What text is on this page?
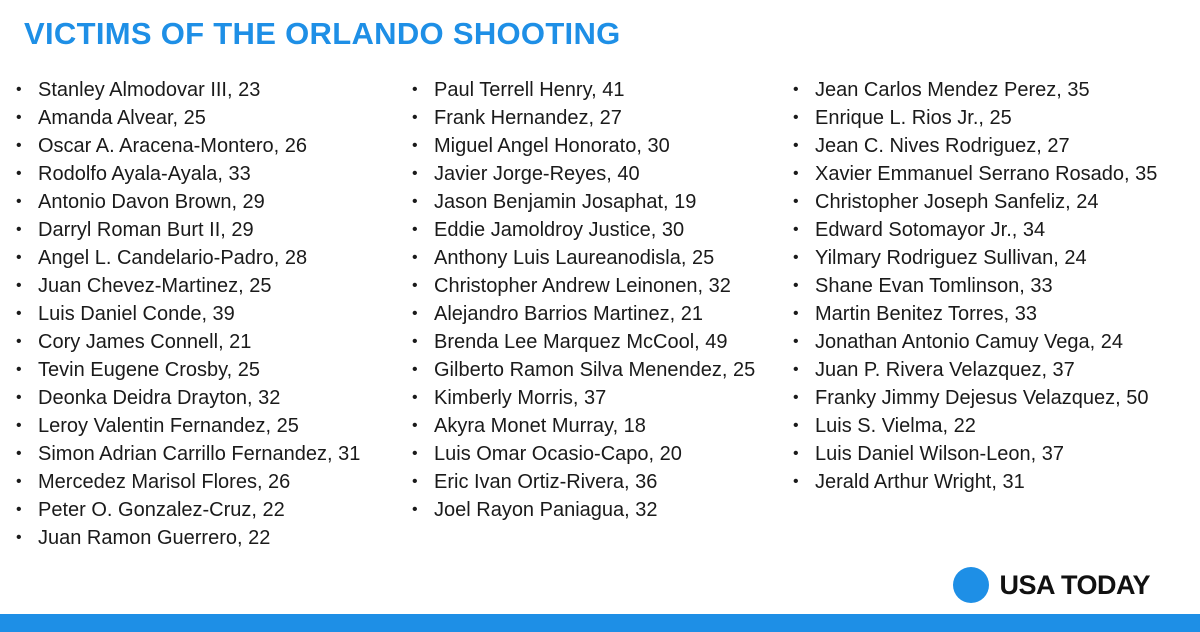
VICTIMS OF THE ORLANDO SHOOTING
• Stanley Almodovar III, 23
• Amanda Alvear, 25
• Oscar A. Aracena-Montero, 26
• Rodolfo Ayala-Ayala, 33
• Antonio Davon Brown, 29
• Darryl Roman Burt II, 29
• Angel L. Candelario-Padro, 28
• Juan Chevez-Martinez, 25
• Luis Daniel Conde, 39
• Cory James Connell, 21
• Tevin Eugene Crosby, 25
• Deonka Deidra Drayton, 32
• Leroy Valentin Fernandez, 25
• Simon Adrian Carrillo Fernandez, 31
• Mercedez Marisol Flores, 26
• Peter O. Gonzalez-Cruz, 22
• Juan Ramon Guerrero, 22
• Paul Terrell Henry, 41
• Frank Hernandez, 27
• Miguel Angel Honorato, 30
• Javier Jorge-Reyes, 40
• Jason Benjamin Josaphat, 19
• Eddie Jamoldroy Justice, 30
• Anthony Luis Laureanodisla, 25
• Christopher Andrew Leinonen, 32
• Alejandro Barrios Martinez, 21
• Brenda Lee Marquez McCool, 49
• Gilberto Ramon Silva Menendez, 25
• Kimberly Morris, 37
• Akyra Monet Murray, 18
• Luis Omar Ocasio-Capo, 20
• Eric Ivan Ortiz-Rivera, 36
• Joel Rayon Paniagua, 32
• Jean Carlos Mendez Perez, 35
• Enrique L. Rios Jr., 25
• Jean C. Nives Rodriguez, 27
• Xavier Emmanuel Serrano Rosado, 35
• Christopher Joseph Sanfeliz, 24
• Edward Sotomayor Jr., 34
• Yilmary Rodriguez Sullivan, 24
• Shane Evan Tomlinson, 33
• Martin Benitez Torres, 33
• Jonathan Antonio Camuy Vega, 24
• Juan P. Rivera Velazquez, 37
• Franky Jimmy Dejesus Velazquez, 50
• Luis S. Vielma, 22
• Luis Daniel Wilson-Leon, 37
• Jerald Arthur Wright, 31
USA TODAY
